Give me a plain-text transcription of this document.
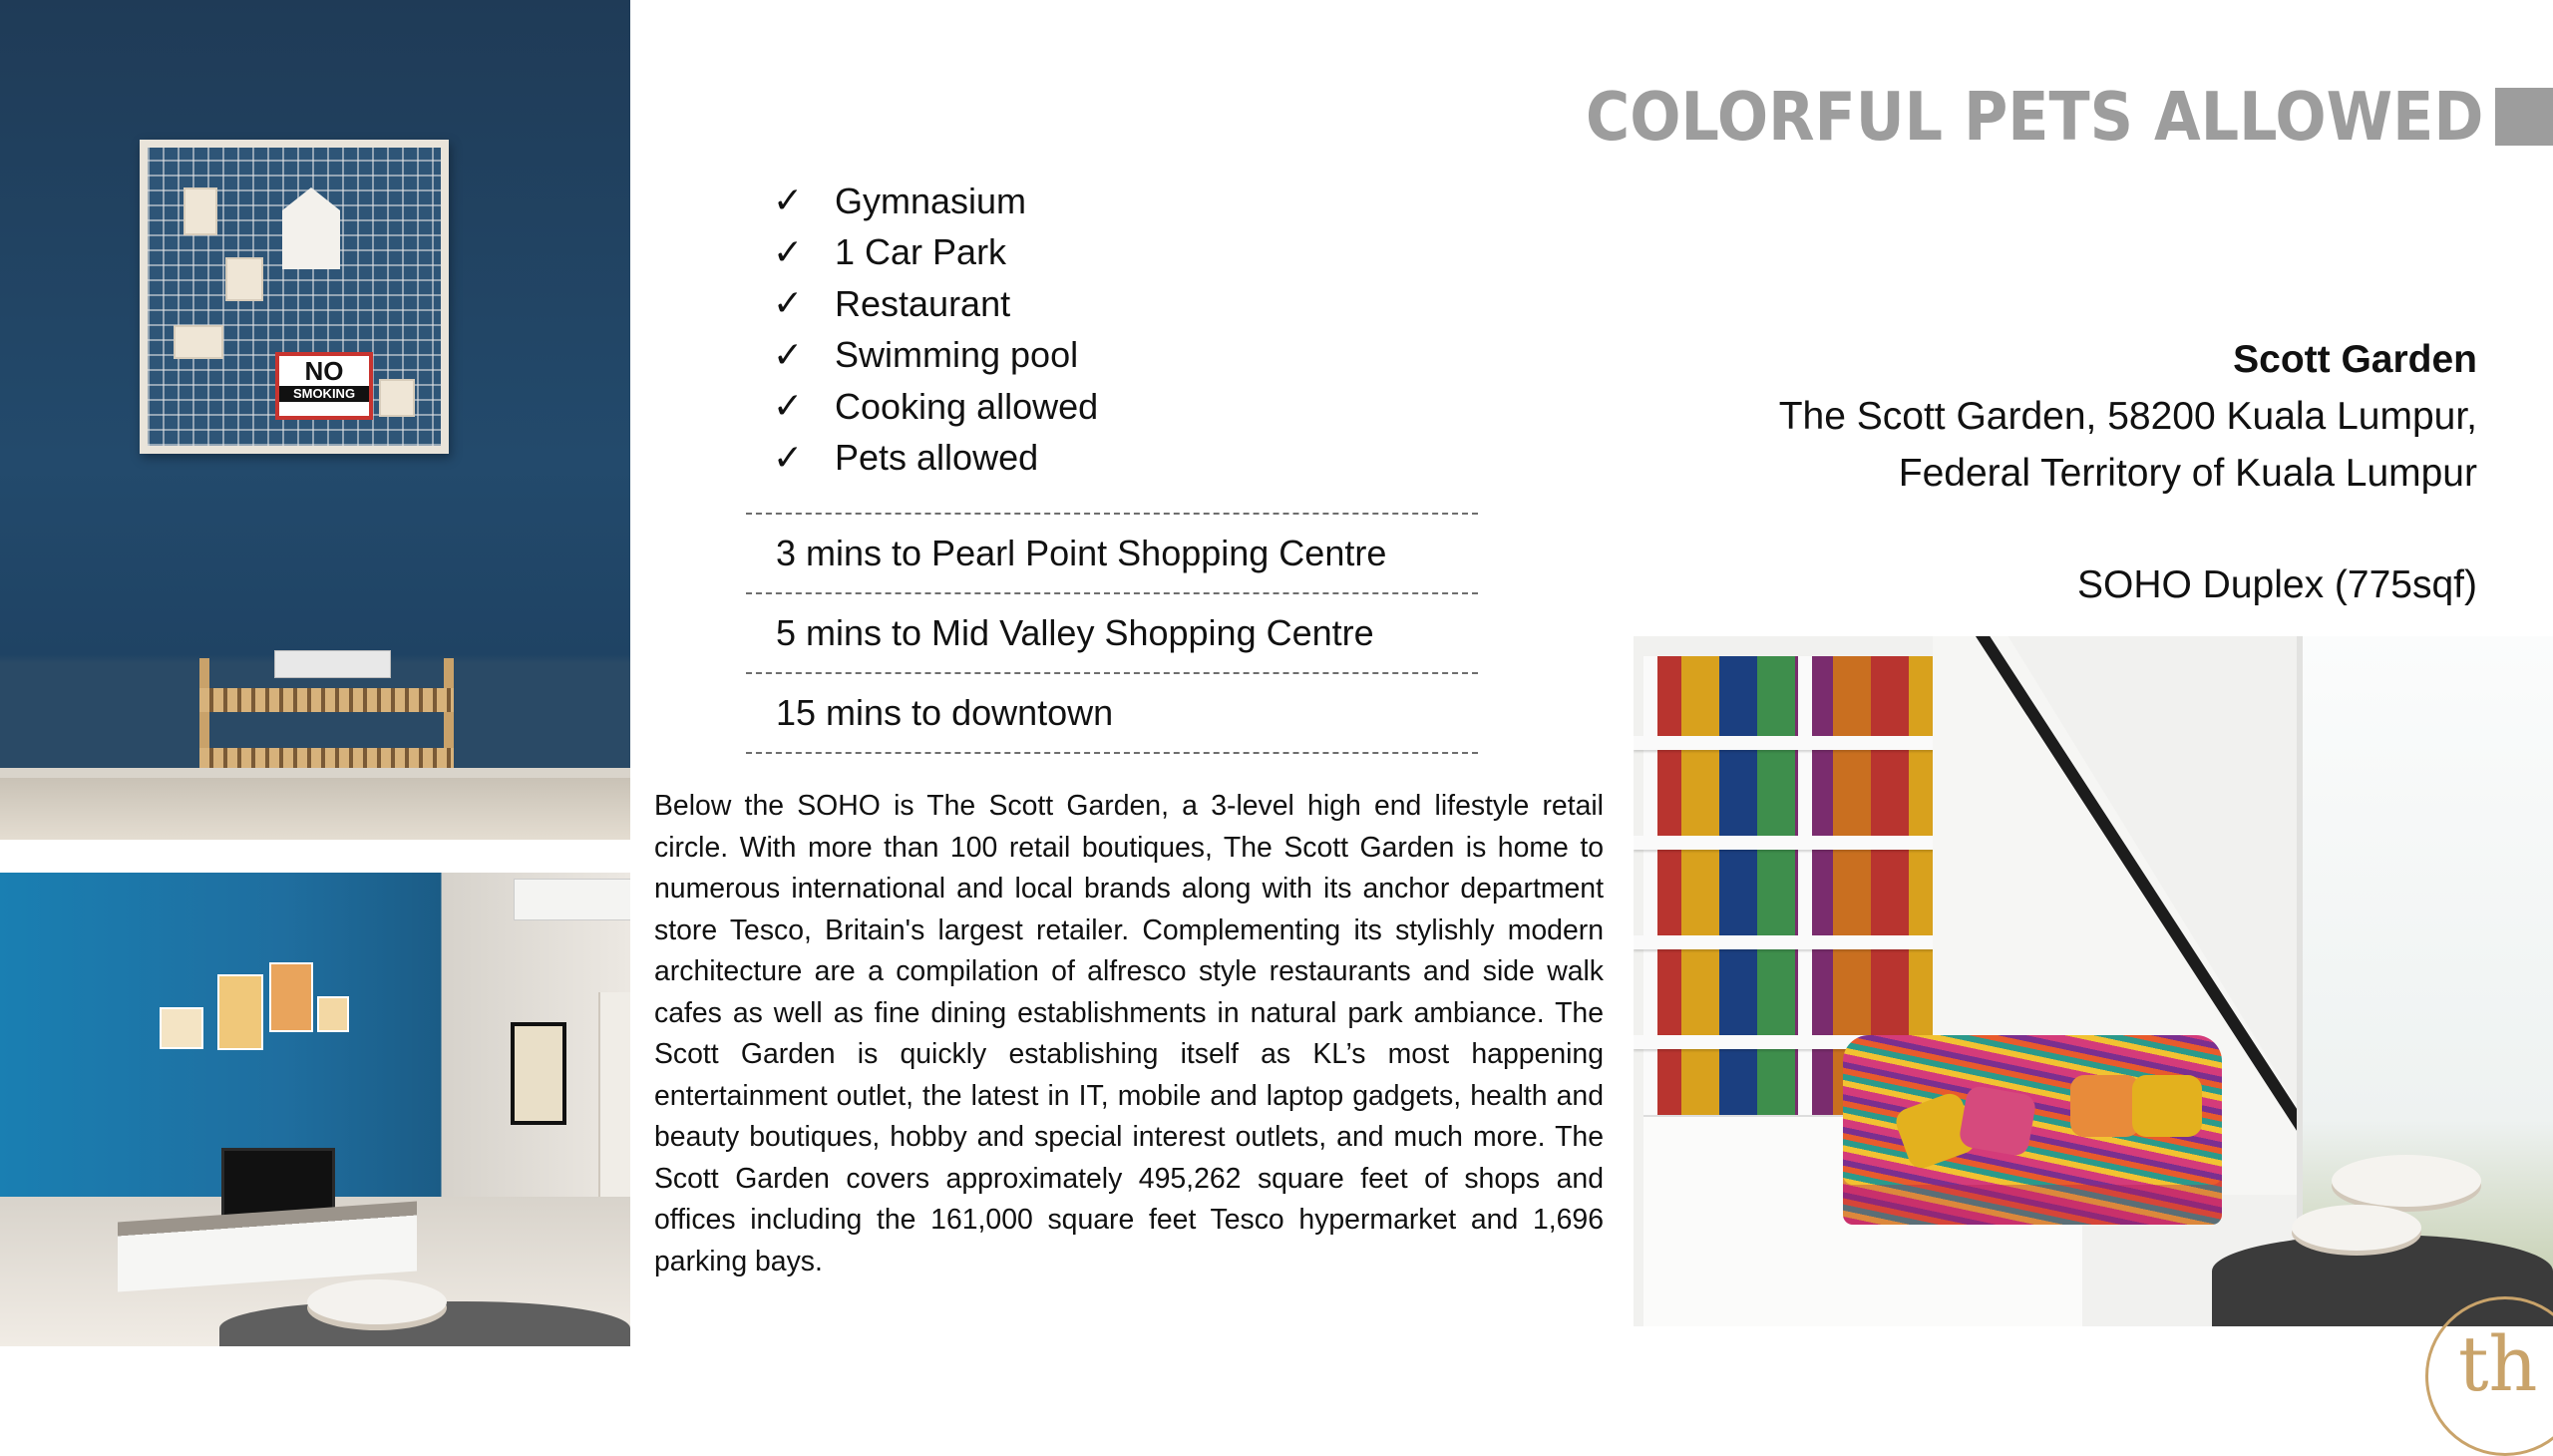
NO
SMOKING
COLORFUL PETS ALLOWED
Scott Garden
The Scott Garden, 58200 Kuala Lumpur,
Federal Territory of Kuala Lumpur
SOHO Duplex (775sqf)
✓ Gymnasium
✓ 1 Car Park
✓ Restaurant
✓ Swimming pool
✓ Cooking allowed
✓ Pets allowed
3 mins to Pearl Point Shopping Centre
5 mins to Mid Valley Shopping Centre
15 mins to downtown

Below the SOHO is The Scott Garden, a 3-level high end lifestyle retail circle. With more than 100 retail boutiques, The Scott Garden is home to numerous international and local brands along with its anchor department store Tesco, Britain's largest retailer. Complementing its stylishly modern architecture are a compilation of alfresco style restaurants and side walk cafes as well as fine dining establishments in natural park ambiance. The Scott Garden is quickly establishing itself as KL’s most happening entertainment outlet, the latest in IT, mobile and laptop gadgets, health and beauty boutiques, hobby and special interest outlets, and much more. The Scott Garden covers approximately 495,262 square feet of shops and offices including the 161,000 square feet Tesco hypermarket and 1,696 parking bays.

th
